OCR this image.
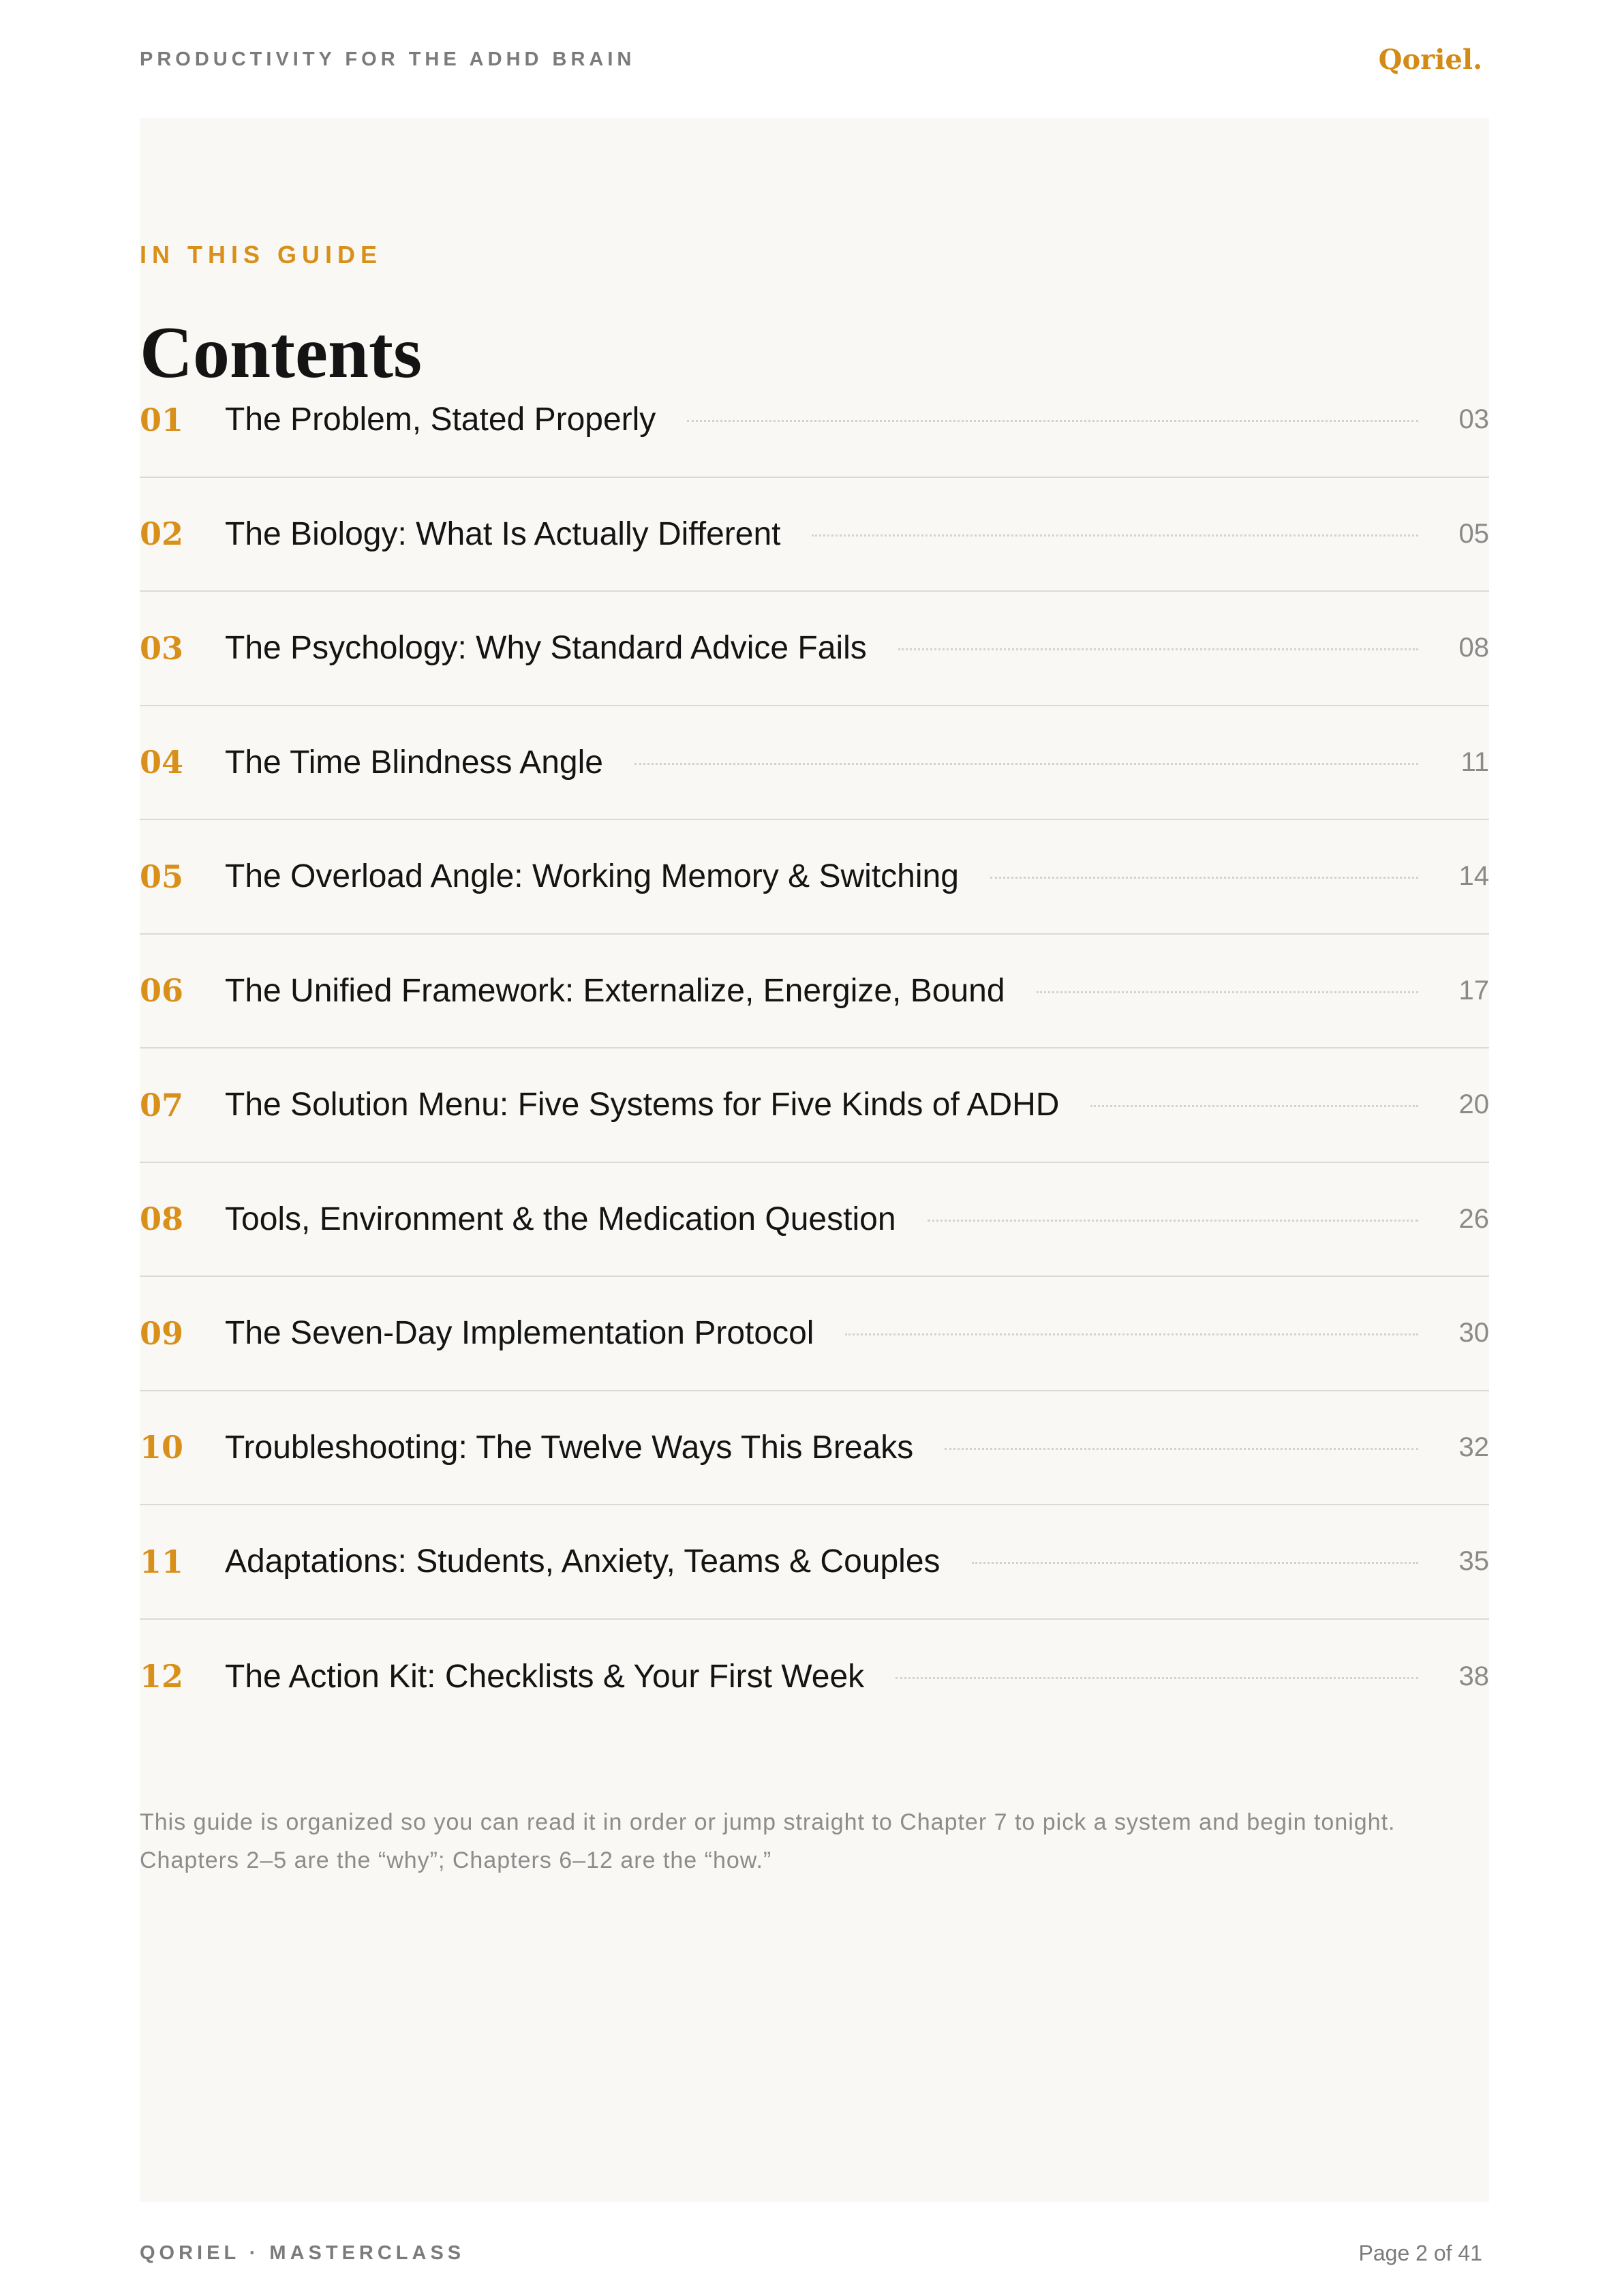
PRODUCTIVITY FOR THE ADHD BRAIN	Qoriel.
IN THIS GUIDE
Contents
01	The Problem, Stated Properly	03
02	The Biology: What Is Actually Different	05
03	The Psychology: Why Standard Advice Fails	08
04	The Time Blindness Angle	11
05	The Overload Angle: Working Memory & Switching	14
06	The Unified Framework: Externalize, Energize, Bound	17
07	The Solution Menu: Five Systems for Five Kinds of ADHD	20
08	Tools, Environment & the Medication Question	26
09	The Seven-Day Implementation Protocol	30
10	Troubleshooting: The Twelve Ways This Breaks	32
11	Adaptations: Students, Anxiety, Teams & Couples	35
12	The Action Kit: Checklists & Your First Week	38

This guide is organized so you can read it in order or jump straight to Chapter 7 to pick a system and begin tonight. Chapters 2–5 are the “why”; Chapters 6–12 are the “how.”

QORIEL · MASTERCLASS	Page 2 of 41
